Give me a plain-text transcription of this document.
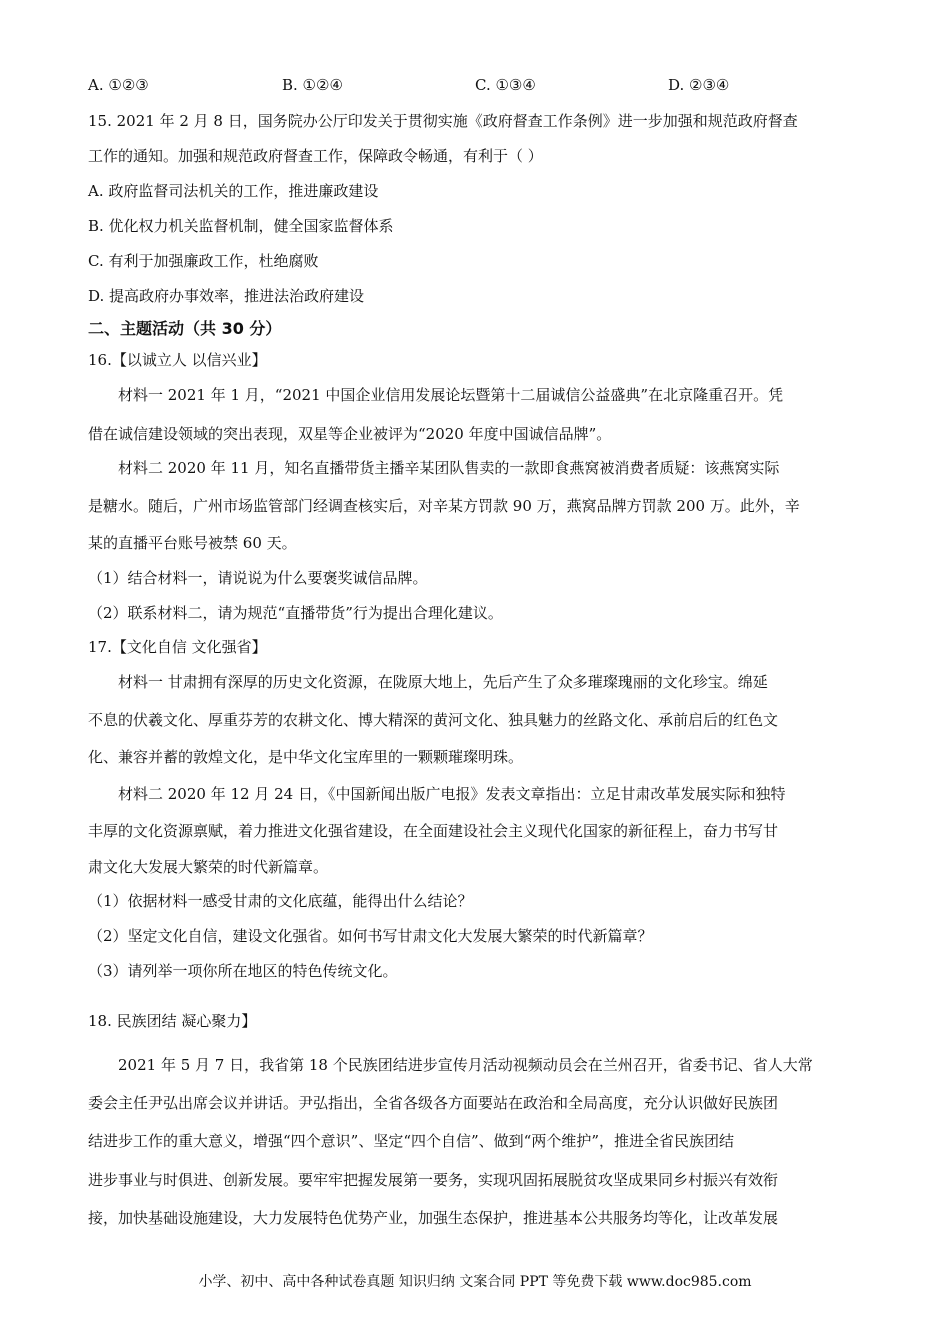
A. ①②③	B. ①②④	C. ①③④	D. ②③④
15. 2021 年 2 月 8 日，国务院办公厅印发关于贯彻实施《政府督查工作条例》进一步加强和规范政府督查
工作的通知。加强和规范政府督查工作，保障政令畅通，有利于（ ）
A. 政府监督司法机关的工作，推进廉政建设
B. 优化权力机关监督机制，健全国家监督体系
C. 有利于加强廉政工作，杜绝腐败
D. 提高政府办事效率，推进法治政府建设
二、主题活动（共 30 分）
16.【以诚立人 以信兴业】
材料一 2021 年 1 月，“2021 中国企业信用发展论坛暨第十二届诚信公益盛典”在北京隆重召开。凭
借在诚信建设领域的突出表现，双星等企业被评为“2020 年度中国诚信品牌”。
材料二 2020 年 11 月，知名直播带货主播辛某团队售卖的一款即食燕窝被消费者质疑：该燕窝实际
是糖水。随后，广州市场监管部门经调查核实后，对辛某方罚款 90 万，燕窝品牌方罚款 200 万。此外，辛
某的直播平台账号被禁 60 天。
（1）结合材料一，请说说为什么要褒奖诚信品牌。
（2）联系材料二，请为规范“直播带货”行为提出合理化建议。
17.【文化自信 文化强省】
材料一 甘肃拥有深厚的历史文化资源，在陇原大地上，先后产生了众多璀璨瑰丽的文化珍宝。绵延
不息的伏羲文化、厚重芬芳的农耕文化、博大精深的黄河文化、独具魅力的丝路文化、承前启后的红色文
化、兼容并蓄的敦煌文化，是中华文化宝库里的一颗颗璀璨明珠。
材料二 2020 年 12 月 24 日，《中国新闻出版广电报》发表文章指出：立足甘肃改革发展实际和独特
丰厚的文化资源禀赋，着力推进文化强省建设，在全面建设社会主义现代化国家的新征程上，奋力书写甘
肃文化大发展大繁荣的时代新篇章。
（1）依据材料一感受甘肃的文化底蕴，能得出什么结论？
（2）坚定文化自信，建设文化强省。如何书写甘肃文化大发展大繁荣的时代新篇章？
（3）请列举一项你所在地区的特色传统文化。
18. 民族团结 凝心聚力】
2021 年 5 月 7 日，我省第 18 个民族团结进步宣传月活动视频动员会在兰州召开，省委书记、省人大常
委会主任尹弘出席会议并讲话。尹弘指出，全省各级各方面要站在政治和全局高度，充分认识做好民族团
结进步工作的重大意义，增强“四个意识”、坚定“四个自信”、做到“两个维护”，推进全省民族团结
进步事业与时俱进、创新发展。要牢牢把握发展第一要务，实现巩固拓展脱贫攻坚成果同乡村振兴有效衔
接，加快基础设施建设，大力发展特色优势产业，加强生态保护，推进基本公共服务均等化，让改革发展
小学、初中、高中各种试卷真题 知识归纳 文案合同 PPT 等免费下载 www.doc985.com
